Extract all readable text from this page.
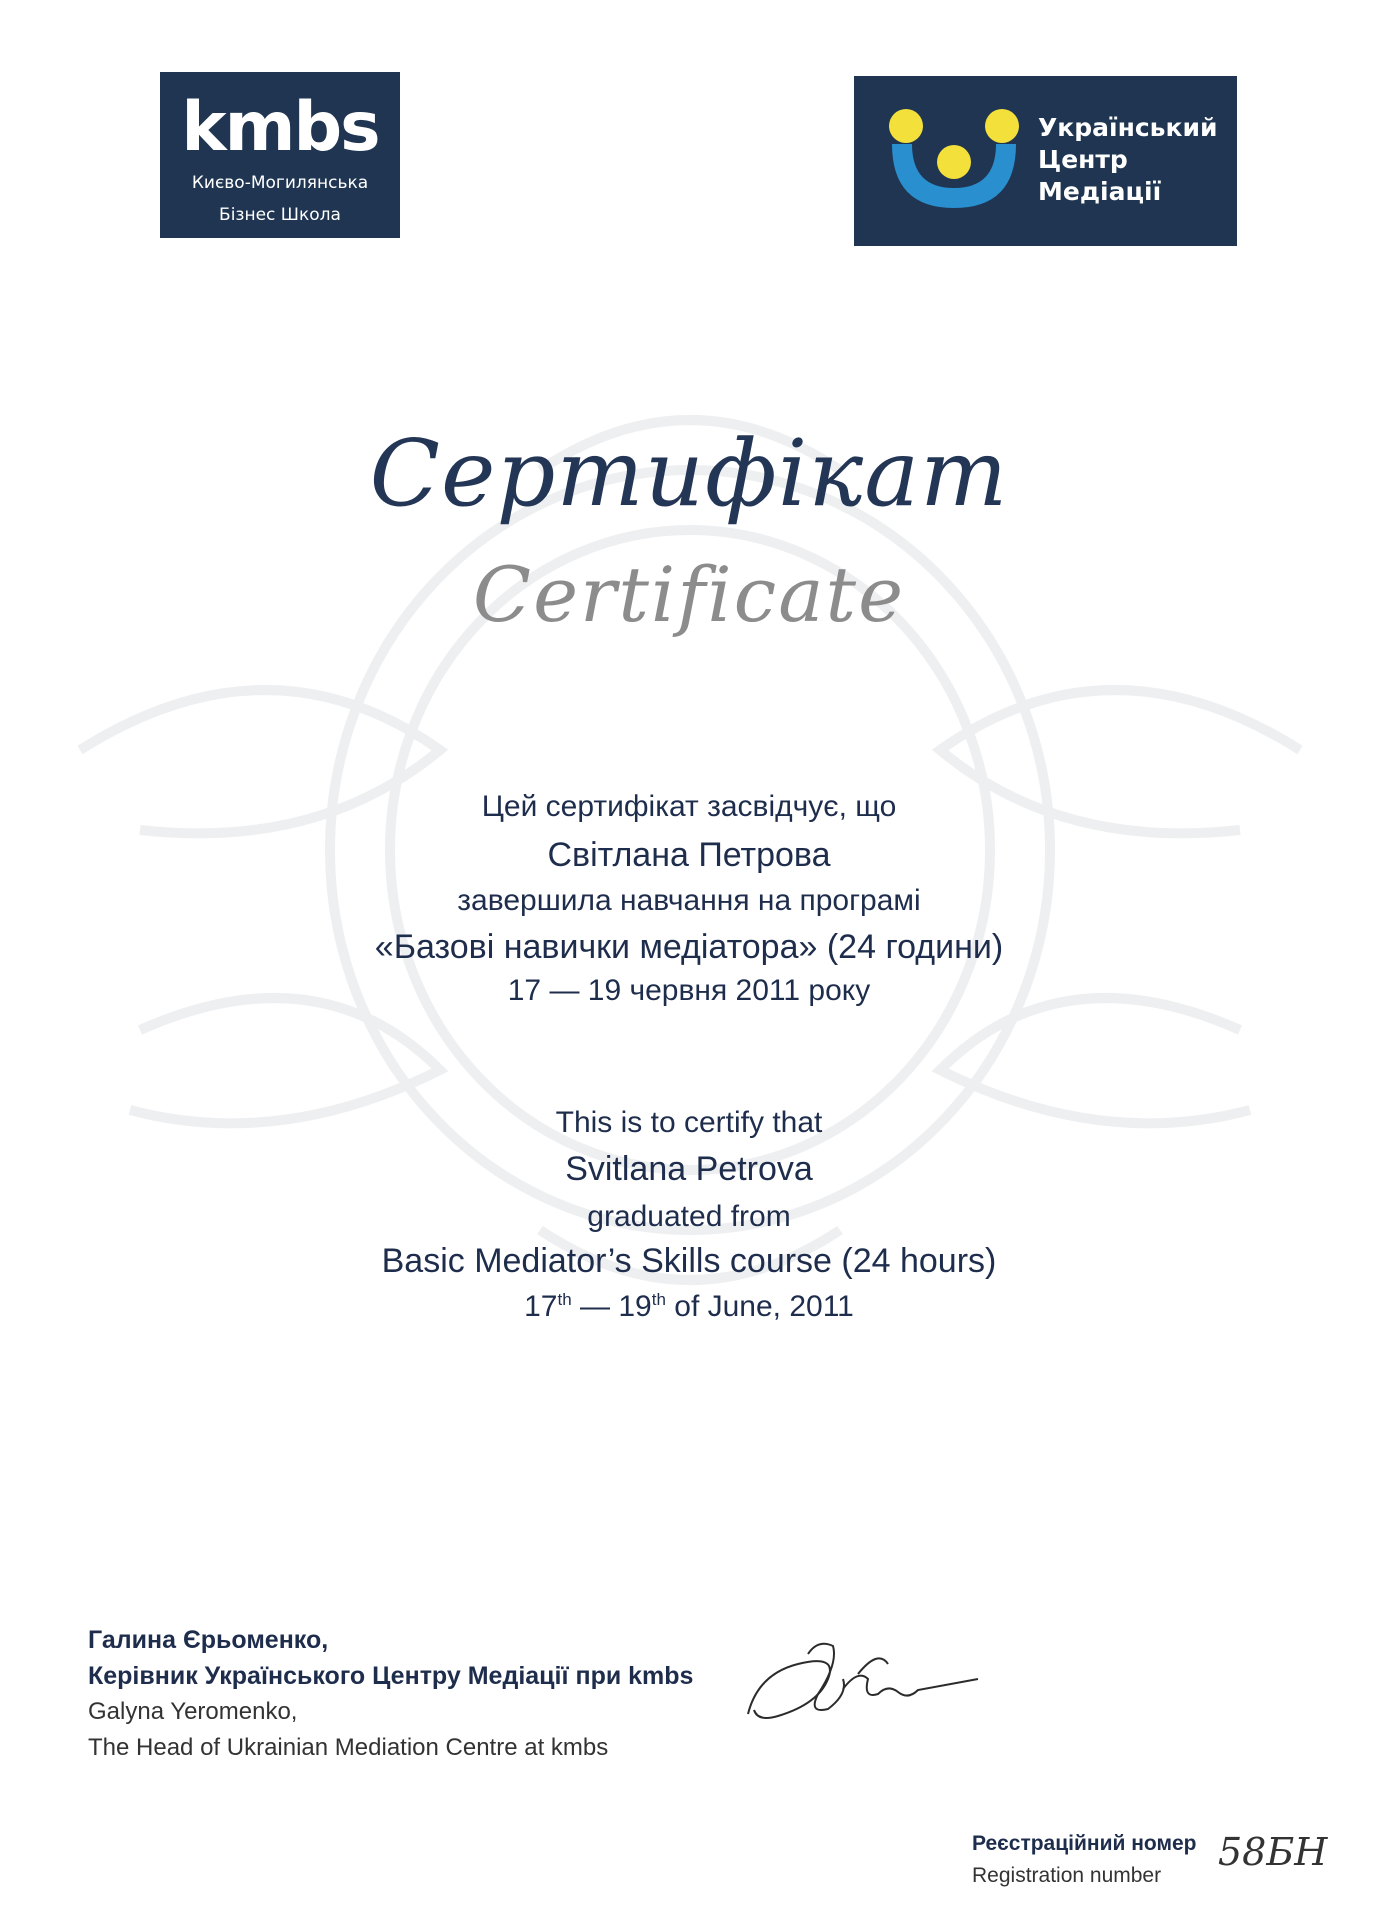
kmbs
Києво-Могилянська
Бізнес Школа
Український
Центр
Медіації
Сертифікат
Certificate
Цей сертифікат засвідчує, що
Світлана Петрова
завершила навчання на програмі
«Базові навички медіатора» (24 години)
17 — 19 червня 2011 року
This is to certify that
Svitlana Petrova
graduated from
Basic Mediator’s Skills course (24 hours)
17th — 19th of June, 2011
Галина Єрьоменко,
Керівник Українського Центру Медіації при kmbs
Galyna Yeromenko,
The Head of Ukrainian Mediation Centre at kmbs
Реєстраційний номер
Registration number
58БН
